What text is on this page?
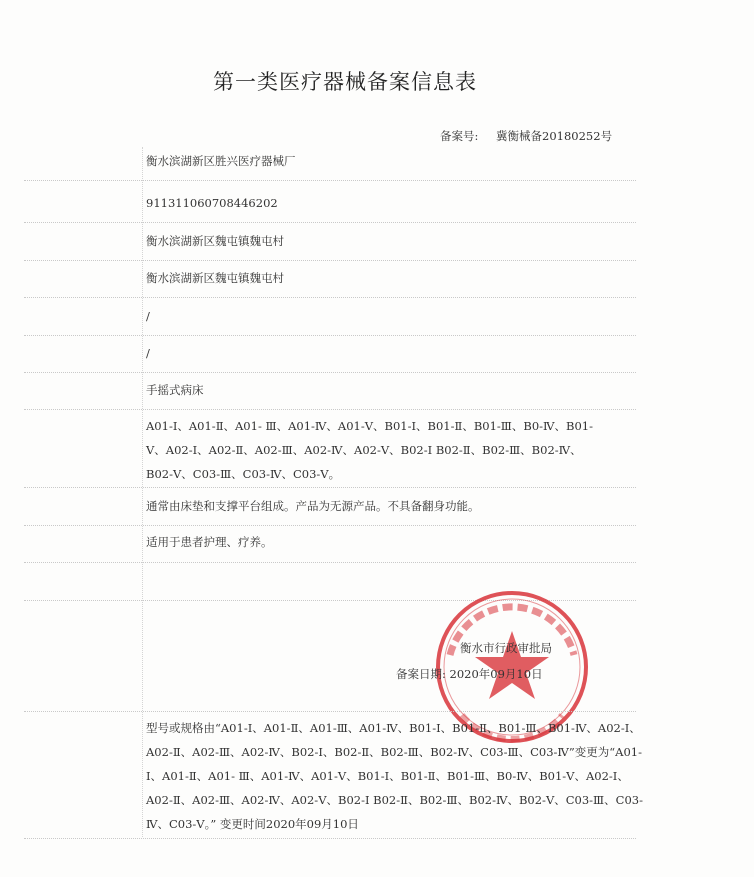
第一类医疗器械备案信息表
备案号: 冀衡械备20180252号
衡水滨湖新区胜兴医疗器械厂
911311060708446202
衡水滨湖新区魏屯镇魏屯村
衡水滨湖新区魏屯镇魏屯村
/
/
手摇式病床
A01-Ⅰ、A01-Ⅱ、A01- Ⅲ、A01-Ⅳ、A01-Ⅴ、B01-Ⅰ、B01-Ⅱ、B01-Ⅲ、B0-Ⅳ、B01-Ⅴ、A02-Ⅰ、A02-Ⅱ、A02-Ⅲ、A02-Ⅳ、A02-Ⅴ、B02-Ⅰ B02-Ⅱ、B02-Ⅲ、B02-Ⅳ、B02-Ⅴ、C03-Ⅲ、C03-Ⅳ、C03-Ⅴ。
通常由床垫和支撑平台组成。产品为无源产品。不具备翻身功能。
适用于患者护理、疗养。
衡水市行政审批局
备案日期: 2020年09月10日
型号或规格由“A01-Ⅰ、A01-Ⅱ、A01-Ⅲ、A01-Ⅳ、B01-Ⅰ、B01-Ⅱ、B01-Ⅲ、B01-Ⅳ、A02-Ⅰ、A02-Ⅱ、A02-Ⅲ、A02-Ⅳ、B02-Ⅰ、B02-Ⅱ、B02-Ⅲ、B02-Ⅳ、C03-Ⅲ、C03-Ⅳ”变更为“A01-Ⅰ、A01-Ⅱ、A01- Ⅲ、A01-Ⅳ、A01-Ⅴ、B01-Ⅰ、B01-Ⅱ、B01-Ⅲ、B0-Ⅳ、B01-Ⅴ、A02-Ⅰ、A02-Ⅱ、A02-Ⅲ、A02-Ⅳ、A02-Ⅴ、B02-Ⅰ B02-Ⅱ、B02-Ⅲ、B02-Ⅳ、B02-Ⅴ、C03-Ⅲ、C03-Ⅳ、C03-Ⅴ。” 变更时间2020年09月10日
